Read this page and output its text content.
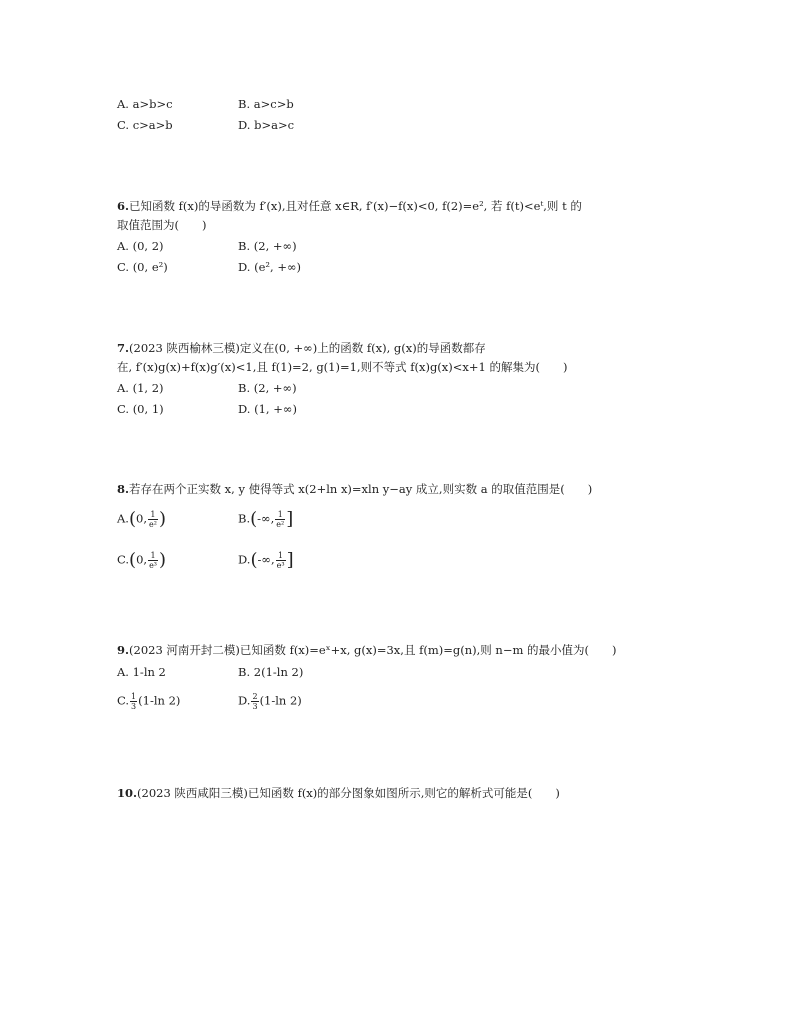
A. a>b>c	B. a>c>b
C. c>a>b	D. b>a>c
6.已知函数 f(x)的导函数为 f′(x),且对任意 x∈R, f′(x)−f(x)<0, f(2)=e², 若 f(t)<eᵗ,则 t 的
取值范围为(　　)
A. (0, 2)	B. (2, +∞)
C. (0, e²)	D. (e², +∞)
7.(2023 陕西榆林三模)定义在(0, +∞)上的函数 f(x), g(x)的导函数都存
在, f′(x)g(x)+f(x)g′(x)<1,且 f(1)=2, g(1)=1,则不等式 f(x)g(x)<x+1 的解集为(　　)
A. (1, 2)	B. (2, +∞)
C. (0, 1)	D. (1, +∞)
8.若存在两个正实数 x, y 使得等式 x(2+ln x)=xln y−ay 成立,则实数 a 的取值范围是(　　)
A.(0, $\frac{1}{\text{e²}}$ )	B.(-∞, $\frac{1}{\text{e²}}$ ]
C.(0, $\frac{1}{\text{e³}}$ )	D.(-∞, $\frac{1}{\text{e³}}$ ]
9.(2023 河南开封二模)已知函数 f(x)=eˣ+x, g(x)=3x,且 f(m)=g(n),则 n−m 的最小值为(　　)
A. 1-ln 2	B. 2(1-ln 2)
C. $\frac{1}{3} (1-\ln$ 2)	D. $\frac{2}{3} (1-\ln$ 2)
10.(2023 陕西咸阳三模)已知函数 f(x)的部分图象如图所示,则它的解析式可能是(　　)
